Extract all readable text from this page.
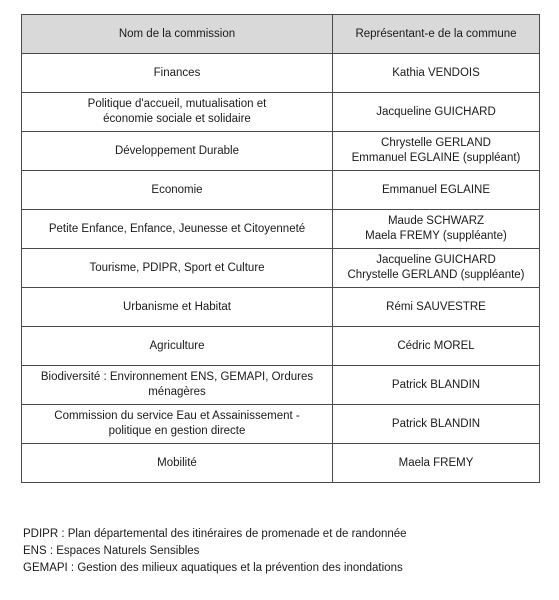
Nom de la commission	Représentant-e de la commune

Finances	Kathia VENDOIS

Politique d'accueil, mutualisation et
économie sociale et solidaire	Jacqueline GUICHARD

Développement Durable	Chrystelle GERLAND
Emmanuel EGLAINE (suppléant)

Economie	Emmanuel EGLAINE

Petite Enfance, Enfance, Jeunesse et Citoyenneté	Maude SCHWARZ
Maela FREMY (suppléante)

Tourisme, PDIPR, Sport et Culture	Jacqueline GUICHARD
Chrystelle GERLAND (suppléante)

Urbanisme et Habitat	Rémi SAUVESTRE

Agriculture	Cédric MOREL

Biodiversité : Environnement ENS, GEMAPI, Ordures
ménagères	Patrick BLANDIN

Commission du service Eau et Assainissement -
politique en gestion directe	Patrick BLANDIN

Mobilité	Maela FREMY
PDIPR : Plan départemental des itinéraires de promenade et de randonnée
ENS : Espaces Naturels Sensibles
GEMAPI : Gestion des milieux aquatiques et la prévention des inondations
